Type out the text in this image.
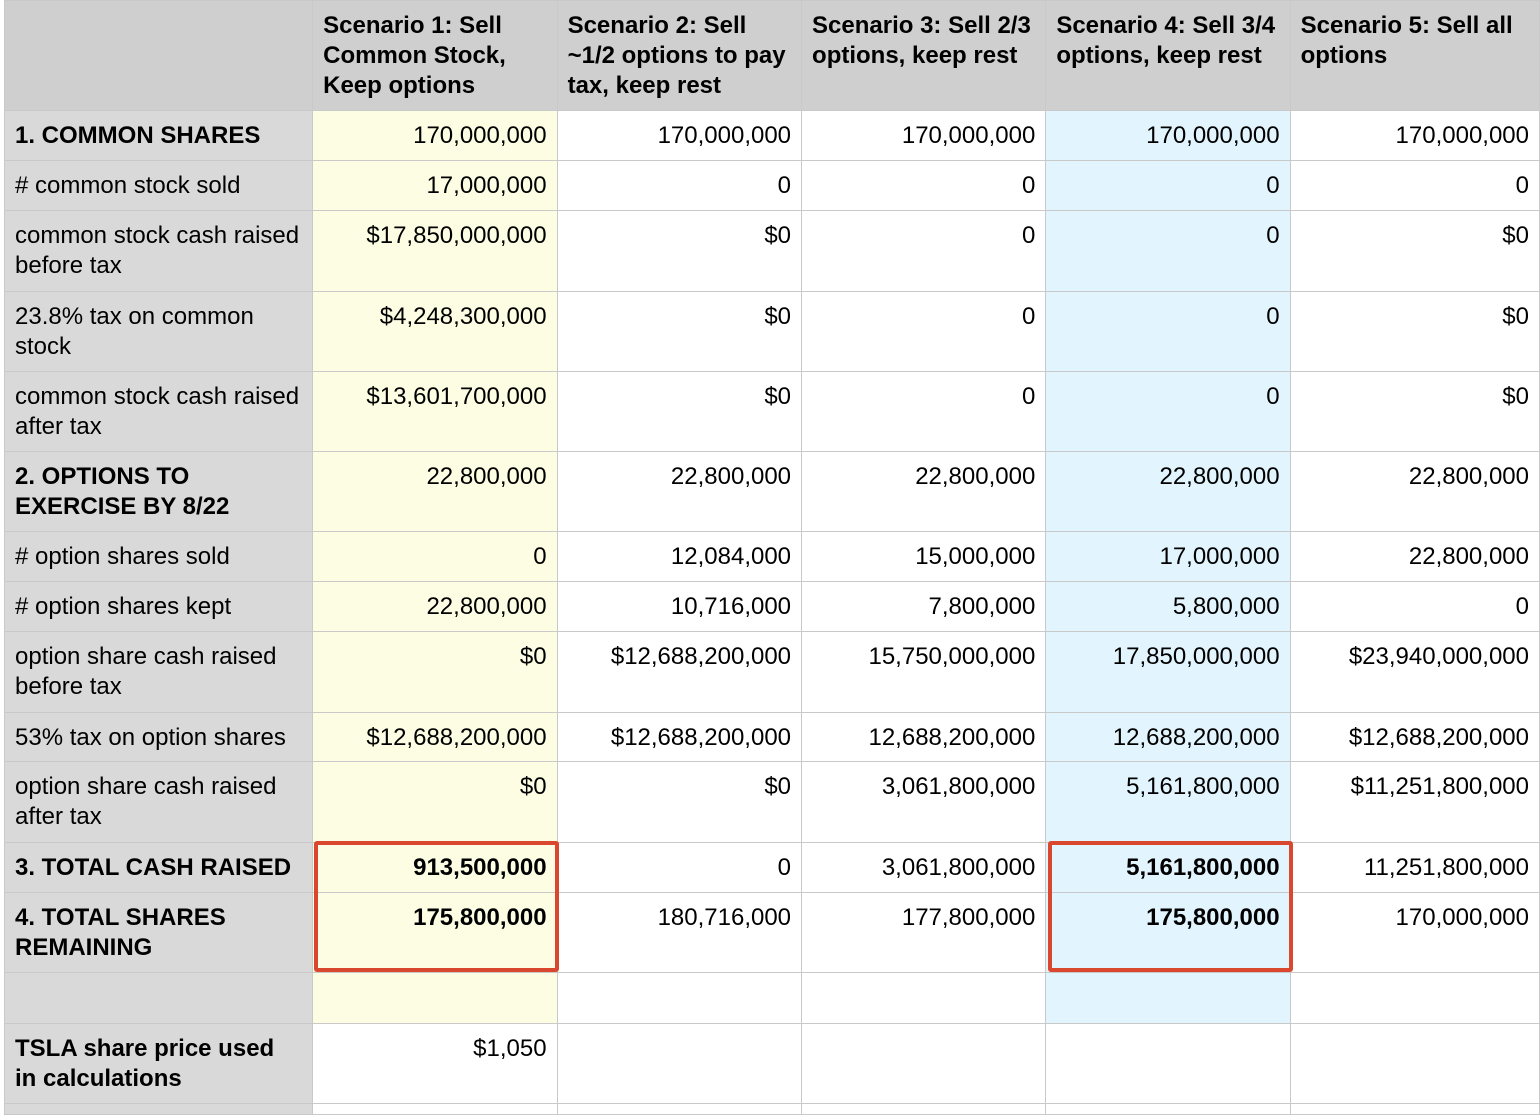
	Scenario 1: Sell Common Stock, Keep options	Scenario 2: Sell ~1/2 options to pay tax, keep rest	Scenario 3: Sell 2/3 options, keep rest	Scenario 4: Sell 3/4 options, keep rest	Scenario 5: Sell all options
1. COMMON SHARES	170,000,000	170,000,000	170,000,000	170,000,000	170,000,000
# common stock sold	17,000,000	0	0	0	0
common stock cash raised before tax	$17,850,000,000	$0	0	0	$0
23.8% tax on common stock	$4,248,300,000	$0	0	0	$0
common stock cash raised after tax	$13,601,700,000	$0	0	0	$0
2. OPTIONS TO EXERCISE BY 8/22	22,800,000	22,800,000	22,800,000	22,800,000	22,800,000
# option shares sold	0	12,084,000	15,000,000	17,000,000	22,800,000
# option shares kept	22,800,000	10,716,000	7,800,000	5,800,000	0
option share cash raised before tax	$0	$12,688,200,000	15,750,000,000	17,850,000,000	$23,940,000,000
53% tax on option shares	$12,688,200,000	$12,688,200,000	12,688,200,000	12,688,200,000	$12,688,200,000
option share cash raised after tax	$0	$0	3,061,800,000	5,161,800,000	$11,251,800,000
3. TOTAL CASH RAISED	913,500,000	0	3,061,800,000	5,161,800,000	11,251,800,000
4. TOTAL SHARES REMAINING	175,800,000	180,716,000	177,800,000	175,800,000	170,000,000

TSLA share price used in calculations	$1,050				
